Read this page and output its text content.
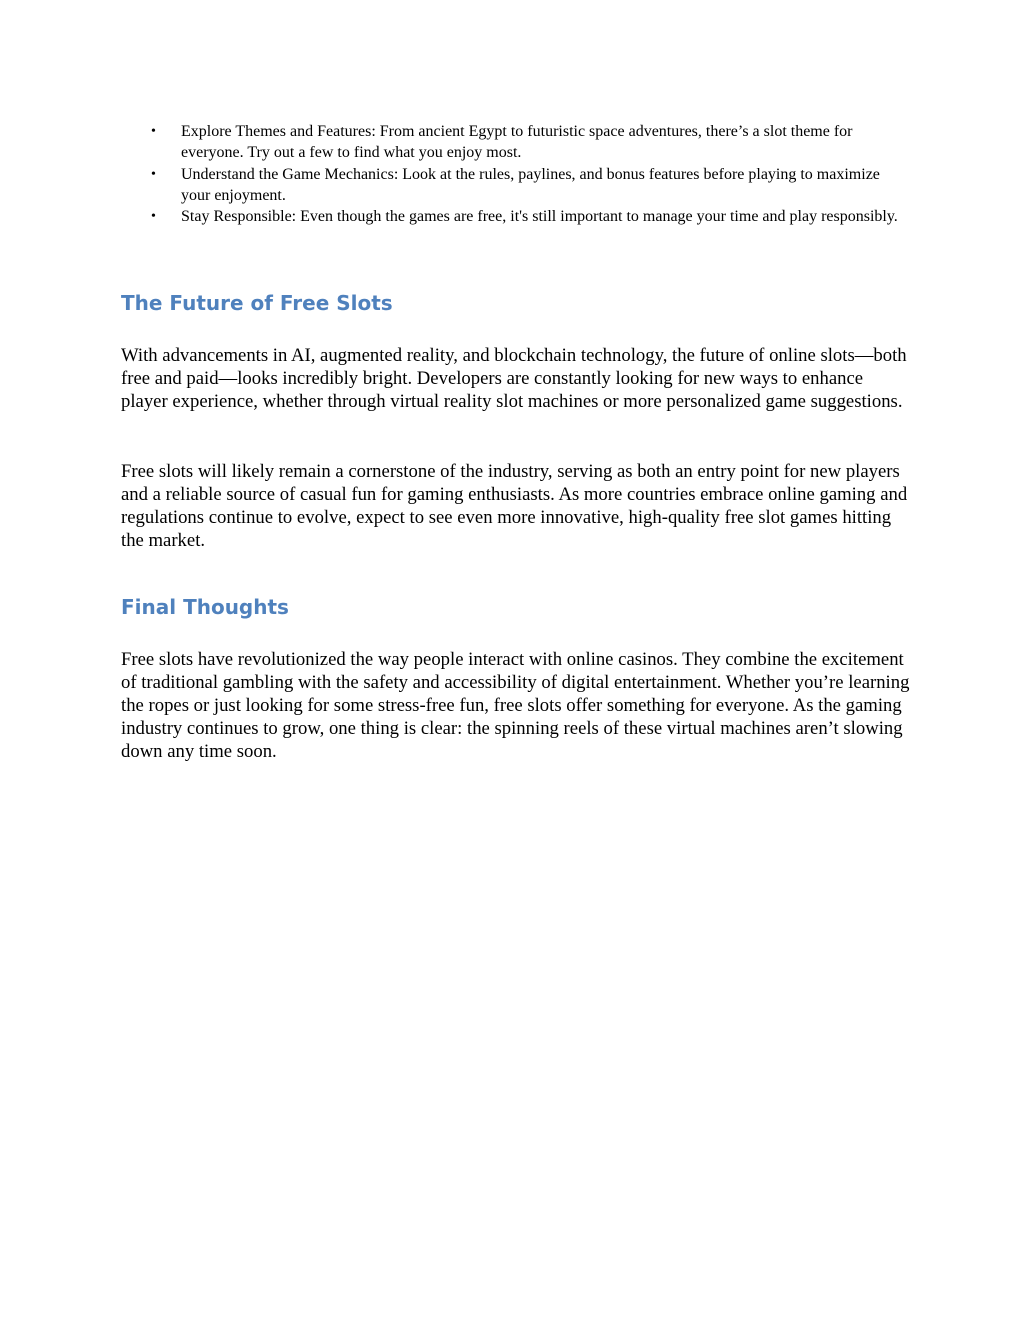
• Explore Themes and Features: From ancient Egypt to futuristic space adventures, there’s a slot theme for everyone. Try out a few to find what you enjoy most.
• Understand the Game Mechanics: Look at the rules, paylines, and bonus features before playing to maximize your enjoyment.
• Stay Responsible: Even though the games are free, it's still important to manage your time and play responsibly.
The Future of Free Slots

With advancements in AI, augmented reality, and blockchain technology, the future of online slots—both free and paid—looks incredibly bright. Developers are constantly looking for new ways to enhance player experience, whether through virtual reality slot machines or more personalized game suggestions.

Free slots will likely remain a cornerstone of the industry, serving as both an entry point for new players and a reliable source of casual fun for gaming enthusiasts. As more countries embrace online gaming and regulations continue to evolve, expect to see even more innovative, high-quality free slot games hitting the market.

Final Thoughts

Free slots have revolutionized the way people interact with online casinos. They combine the excitement of traditional gambling with the safety and accessibility of digital entertainment. Whether you’re learning the ropes or just looking for some stress-free fun, free slots offer something for everyone. As the gaming industry continues to grow, one thing is clear: the spinning reels of these virtual machines aren’t slowing down any time soon.
